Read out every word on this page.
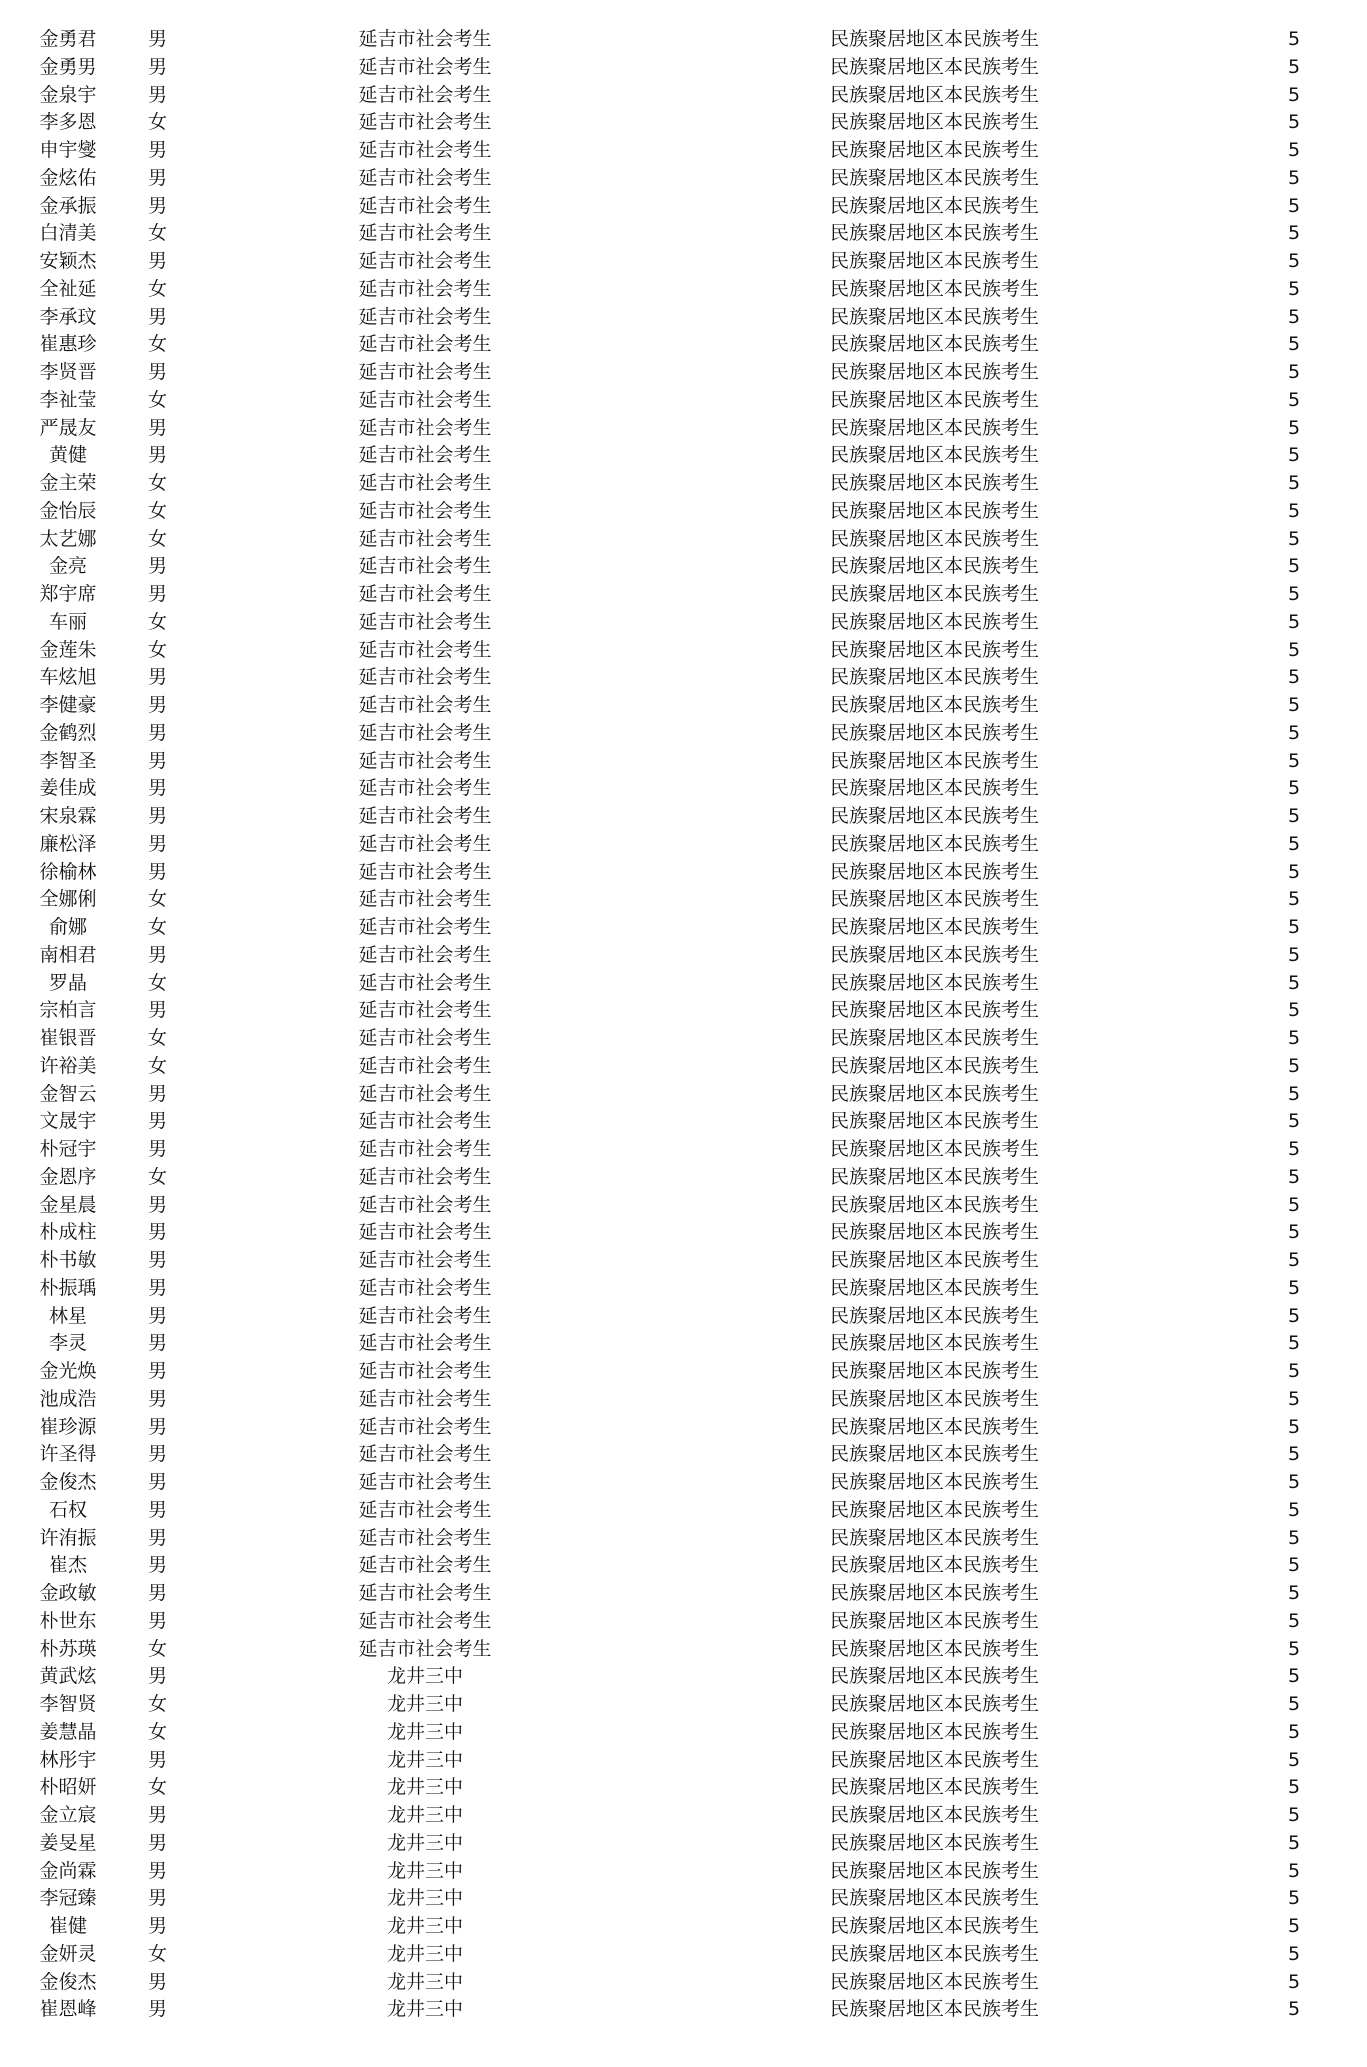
金勇君	男	延吉市社会考生	民族聚居地区本民族考生	5
金勇男	男	延吉市社会考生	民族聚居地区本民族考生	5
金泉宇	男	延吉市社会考生	民族聚居地区本民族考生	5
李多恩	女	延吉市社会考生	民族聚居地区本民族考生	5
申宇燮	男	延吉市社会考生	民族聚居地区本民族考生	5
金炫佑	男	延吉市社会考生	民族聚居地区本民族考生	5
金承振	男	延吉市社会考生	民族聚居地区本民族考生	5
白清美	女	延吉市社会考生	民族聚居地区本民族考生	5
安颖杰	男	延吉市社会考生	民族聚居地区本民族考生	5
全祉延	女	延吉市社会考生	民族聚居地区本民族考生	5
李承玟	男	延吉市社会考生	民族聚居地区本民族考生	5
崔惠珍	女	延吉市社会考生	民族聚居地区本民族考生	5
李贤晋	男	延吉市社会考生	民族聚居地区本民族考生	5
李祉莹	女	延吉市社会考生	民族聚居地区本民族考生	5
严晟友	男	延吉市社会考生	民族聚居地区本民族考生	5
黄健	男	延吉市社会考生	民族聚居地区本民族考生	5
金主荣	女	延吉市社会考生	民族聚居地区本民族考生	5
金怡辰	女	延吉市社会考生	民族聚居地区本民族考生	5
太艺娜	女	延吉市社会考生	民族聚居地区本民族考生	5
金亮	男	延吉市社会考生	民族聚居地区本民族考生	5
郑宇席	男	延吉市社会考生	民族聚居地区本民族考生	5
车丽	女	延吉市社会考生	民族聚居地区本民族考生	5
金莲朱	女	延吉市社会考生	民族聚居地区本民族考生	5
车炫旭	男	延吉市社会考生	民族聚居地区本民族考生	5
李健豪	男	延吉市社会考生	民族聚居地区本民族考生	5
金鹤烈	男	延吉市社会考生	民族聚居地区本民族考生	5
李智圣	男	延吉市社会考生	民族聚居地区本民族考生	5
姜佳成	男	延吉市社会考生	民族聚居地区本民族考生	5
宋泉霖	男	延吉市社会考生	民族聚居地区本民族考生	5
廉松泽	男	延吉市社会考生	民族聚居地区本民族考生	5
徐榆林	男	延吉市社会考生	民族聚居地区本民族考生	5
全娜俐	女	延吉市社会考生	民族聚居地区本民族考生	5
俞娜	女	延吉市社会考生	民族聚居地区本民族考生	5
南相君	男	延吉市社会考生	民族聚居地区本民族考生	5
罗晶	女	延吉市社会考生	民族聚居地区本民族考生	5
宗柏言	男	延吉市社会考生	民族聚居地区本民族考生	5
崔银晋	女	延吉市社会考生	民族聚居地区本民族考生	5
许裕美	女	延吉市社会考生	民族聚居地区本民族考生	5
金智云	男	延吉市社会考生	民族聚居地区本民族考生	5
文晟宇	男	延吉市社会考生	民族聚居地区本民族考生	5
朴冠宇	男	延吉市社会考生	民族聚居地区本民族考生	5
金恩序	女	延吉市社会考生	民族聚居地区本民族考生	5
金星晨	男	延吉市社会考生	民族聚居地区本民族考生	5
朴成柱	男	延吉市社会考生	民族聚居地区本民族考生	5
朴书敏	男	延吉市社会考生	民族聚居地区本民族考生	5
朴振瑀	男	延吉市社会考生	民族聚居地区本民族考生	5
林星	男	延吉市社会考生	民族聚居地区本民族考生	5
李灵	男	延吉市社会考生	民族聚居地区本民族考生	5
金光焕	男	延吉市社会考生	民族聚居地区本民族考生	5
池成浩	男	延吉市社会考生	民族聚居地区本民族考生	5
崔珍源	男	延吉市社会考生	民族聚居地区本民族考生	5
许圣得	男	延吉市社会考生	民族聚居地区本民族考生	5
金俊杰	男	延吉市社会考生	民族聚居地区本民族考生	5
石权	男	延吉市社会考生	民族聚居地区本民族考生	5
许洧振	男	延吉市社会考生	民族聚居地区本民族考生	5
崔杰	男	延吉市社会考生	民族聚居地区本民族考生	5
金政敏	男	延吉市社会考生	民族聚居地区本民族考生	5
朴世东	男	延吉市社会考生	民族聚居地区本民族考生	5
朴苏瑛	女	延吉市社会考生	民族聚居地区本民族考生	5
黄武炫	男	龙井三中	民族聚居地区本民族考生	5
李智贤	女	龙井三中	民族聚居地区本民族考生	5
姜慧晶	女	龙井三中	民族聚居地区本民族考生	5
林彤宇	男	龙井三中	民族聚居地区本民族考生	5
朴昭妍	女	龙井三中	民族聚居地区本民族考生	5
金立宸	男	龙井三中	民族聚居地区本民族考生	5
姜旻星	男	龙井三中	民族聚居地区本民族考生	5
金尚霖	男	龙井三中	民族聚居地区本民族考生	5
李冠臻	男	龙井三中	民族聚居地区本民族考生	5
崔健	男	龙井三中	民族聚居地区本民族考生	5
金妍灵	女	龙井三中	民族聚居地区本民族考生	5
金俊杰	男	龙井三中	民族聚居地区本民族考生	5
崔恩峰	男	龙井三中	民族聚居地区本民族考生	5
